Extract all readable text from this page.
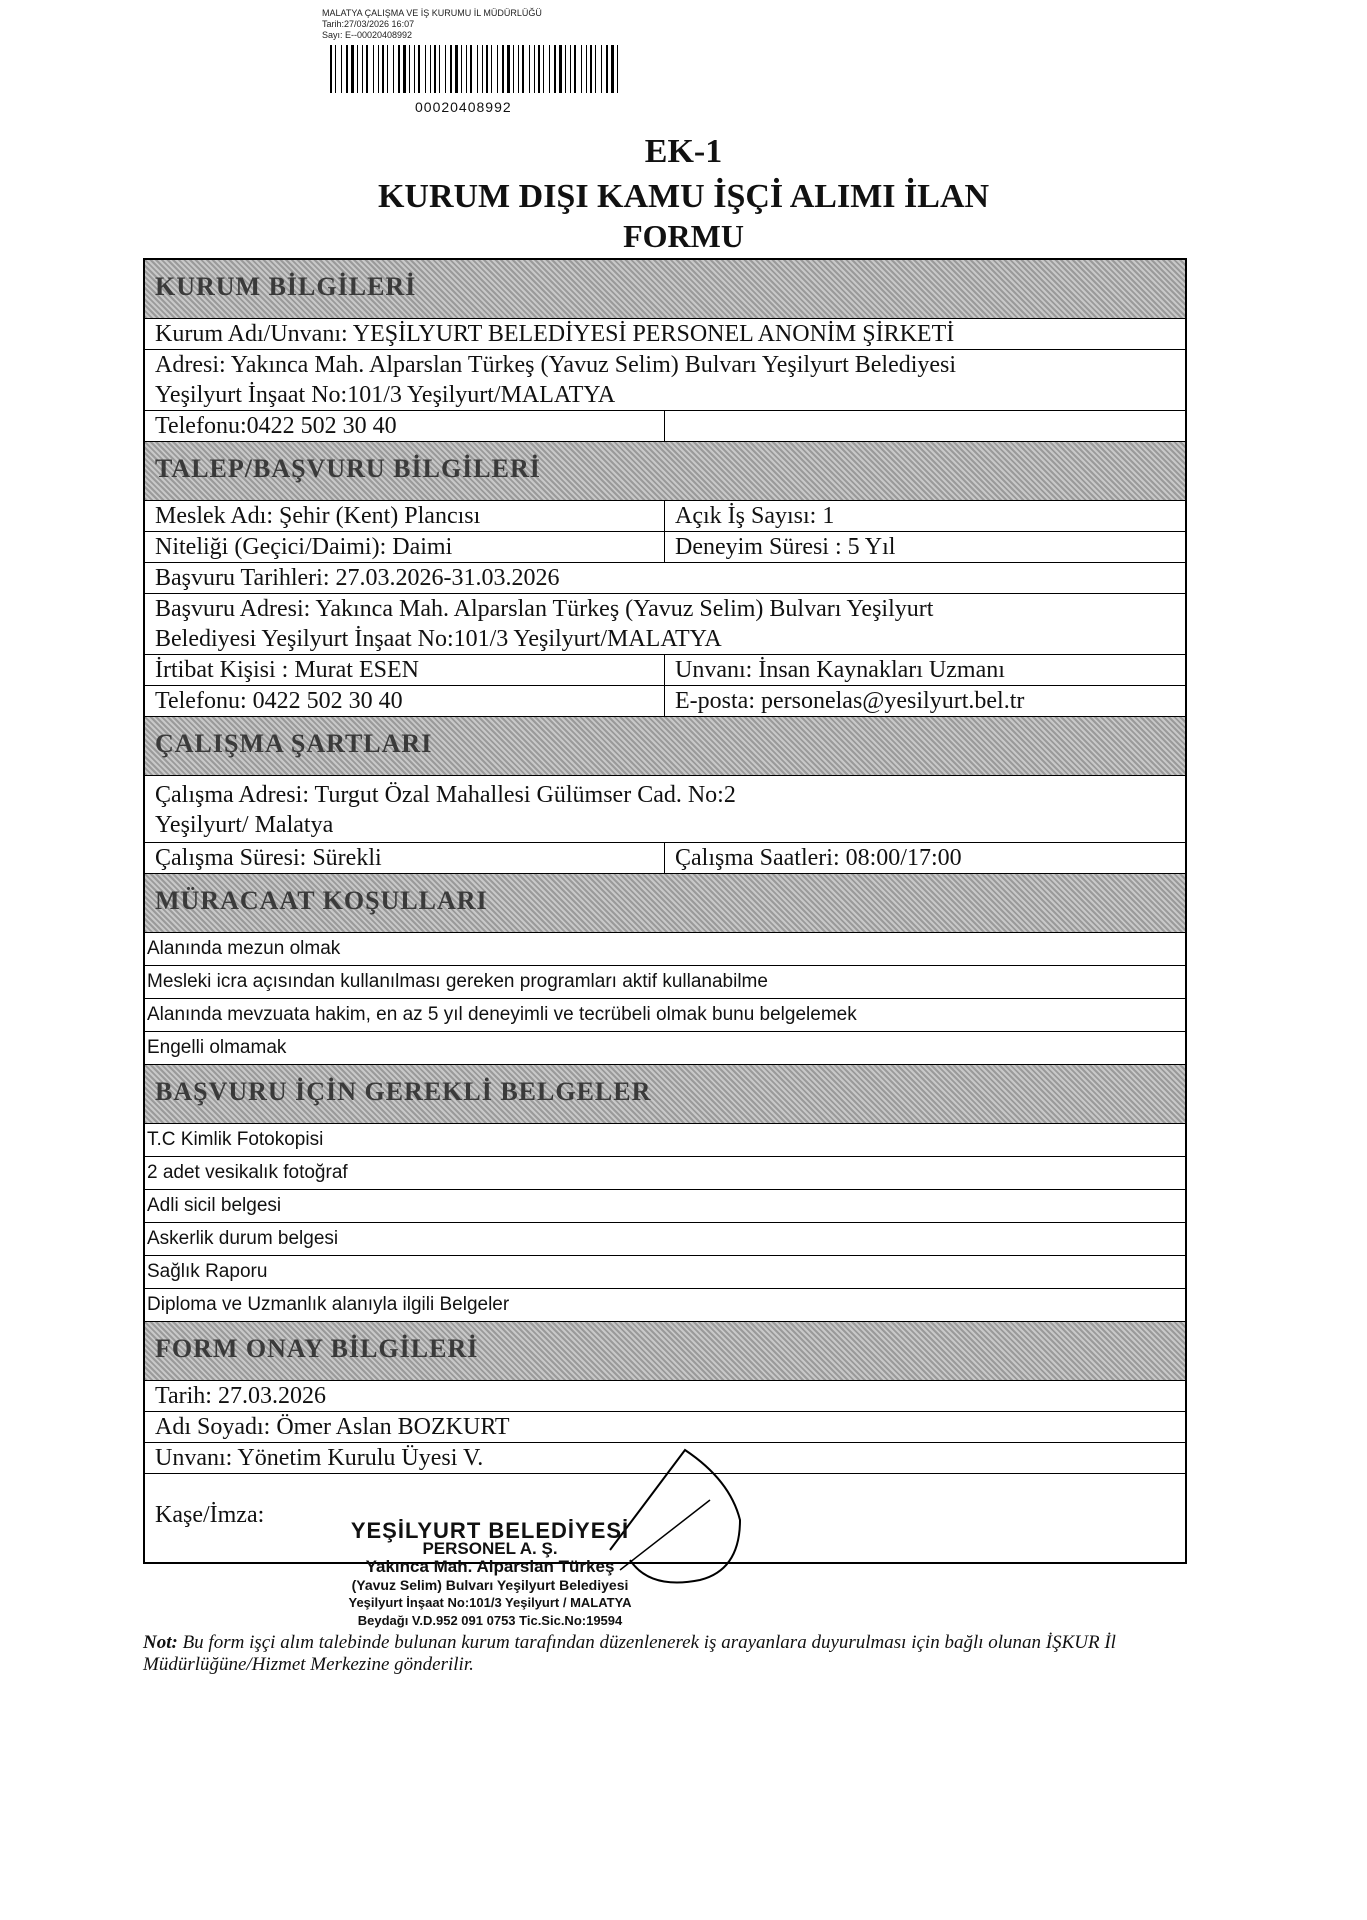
MALATYA ÇALIŞMA VE İŞ KURUMU İL MÜDÜRLÜĞÜ
Tarih:27/03/2026 16:07
Sayı: E--00020408992
00020408992
EK-1
KURUM DIŞI KAMU İŞÇİ ALIMI İLAN
FORMU
KURUM BİLGİLERİ
Kurum Adı/Unvanı: YEŞİLYURT BELEDİYESİ PERSONEL ANONİM ŞİRKETİ
Adresi: Yakınca Mah. Alparslan Türkeş (Yavuz Selim) Bulvarı Yeşilyurt Belediyesi
Yeşilyurt İnşaat No:101/3 Yeşilyurt/MALATYA
Telefonu:0422 502 30 40
TALEP/BAŞVURU BİLGİLERİ
Meslek Adı: Şehir (Kent) Plancısı	Açık İş Sayısı: 1
Niteliği (Geçici/Daimi): Daimi	Deneyim Süresi : 5 Yıl
Başvuru Tarihleri: 27.03.2026-31.03.2026
Başvuru Adresi: Yakınca Mah. Alparslan Türkeş (Yavuz Selim) Bulvarı Yeşilyurt
Belediyesi Yeşilyurt İnşaat No:101/3 Yeşilyurt/MALATYA
İrtibat Kişisi : Murat ESEN	Unvanı: İnsan Kaynakları Uzmanı
Telefonu: 0422 502 30 40	E-posta: personelas@yesilyurt.bel.tr
ÇALIŞMA ŞARTLARI
Çalışma Adresi: Turgut Özal Mahallesi Gülümser Cad. No:2
Yeşilyurt/ Malatya
Çalışma Süresi: Sürekli	Çalışma Saatleri: 08:00/17:00
MÜRACAAT KOŞULLARI
Alanında mezun olmak
Mesleki icra açısından kullanılması gereken programları aktif kullanabilme
Alanında mevzuata hakim, en az 5 yıl deneyimli ve tecrübeli olmak bunu belgelemek
Engelli olmamak
BAŞVURU İÇİN GEREKLİ BELGELER
T.C Kimlik Fotokopisi
2 adet vesikalık fotoğraf
Adli sicil belgesi
Askerlik durum belgesi
Sağlık Raporu
Diploma ve Uzmanlık alanıyla ilgili Belgeler
FORM ONAY BİLGİLERİ
Tarih: 27.03.2026
Adı Soyadı: Ömer Aslan BOZKURT
Unvanı: Yönetim Kurulu Üyesi V.
Kaşe/İmza:
YEŞİLYURT BELEDİYESİ
PERSONEL A. Ş.
Yakınca Mah. Alparslan Türkeş
(Yavuz Selim) Bulvarı Yeşilyurt Belediyesi
Yeşilyurt İnşaat No:101/3 Yeşilyurt / MALATYA
Beydağı V.D.952 091 0753 Tic.Sic.No:19594
Not: Bu form işçi alım talebinde bulunan kurum tarafından düzenlenerek iş arayanlara duyurulması için bağlı olunan İŞKUR İl Müdürlüğüne/Hizmet Merkezine gönderilir.
